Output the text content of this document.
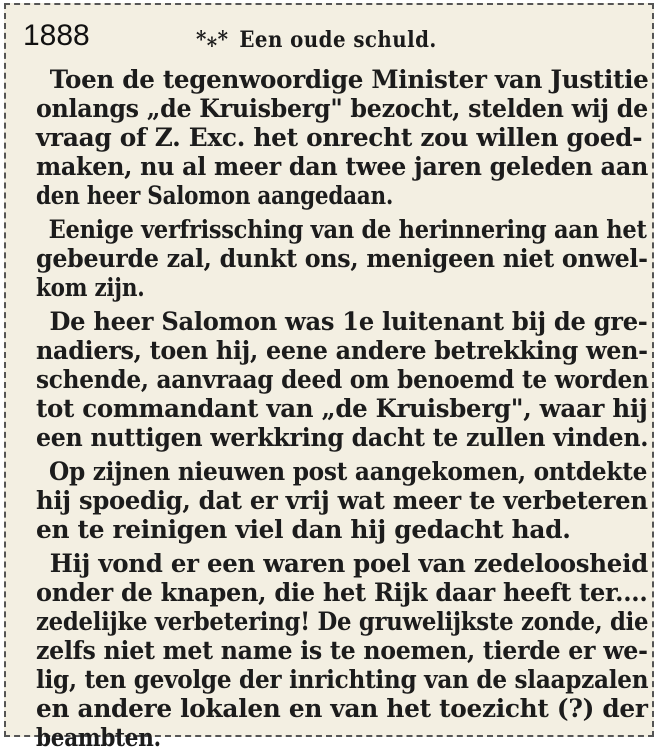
1888	*⁎* Een oude schuld.
Toen de tegenwoordige Minister van Justitie
onlangs „de Kruisberg" bezocht, stelden wij de
vraag of Z. Exc. het onrecht zou willen goed-
maken, nu al meer dan twee jaren geleden aan
den heer Salomon aangedaan.
Eenige verfrissching van de herinnering aan het
gebeurde zal, dunkt ons, menigeen niet onwel-
kom zijn.
De heer Salomon was 1e luitenant bij de gre-
nadiers, toen hij, eene andere betrekking wen-
schende, aanvraag deed om benoemd te worden
tot commandant van „de Kruisberg", waar hij
een nuttigen werkkring dacht te zullen vinden.
Op zijnen nieuwen post aangekomen, ontdekte
hij spoedig, dat er vrij wat meer te verbeteren
en te reinigen viel dan hij gedacht had.
Hij vond er een waren poel van zedeloosheid
onder de knapen, die het Rijk daar heeft ter....
zedelijke verbetering! De gruwelijkste zonde, die
zelfs niet met name is te noemen, tierde er we-
lig, ten gevolge der inrichting van de slaapzalen
en andere lokalen en van het toezicht (?) der
beambten.
